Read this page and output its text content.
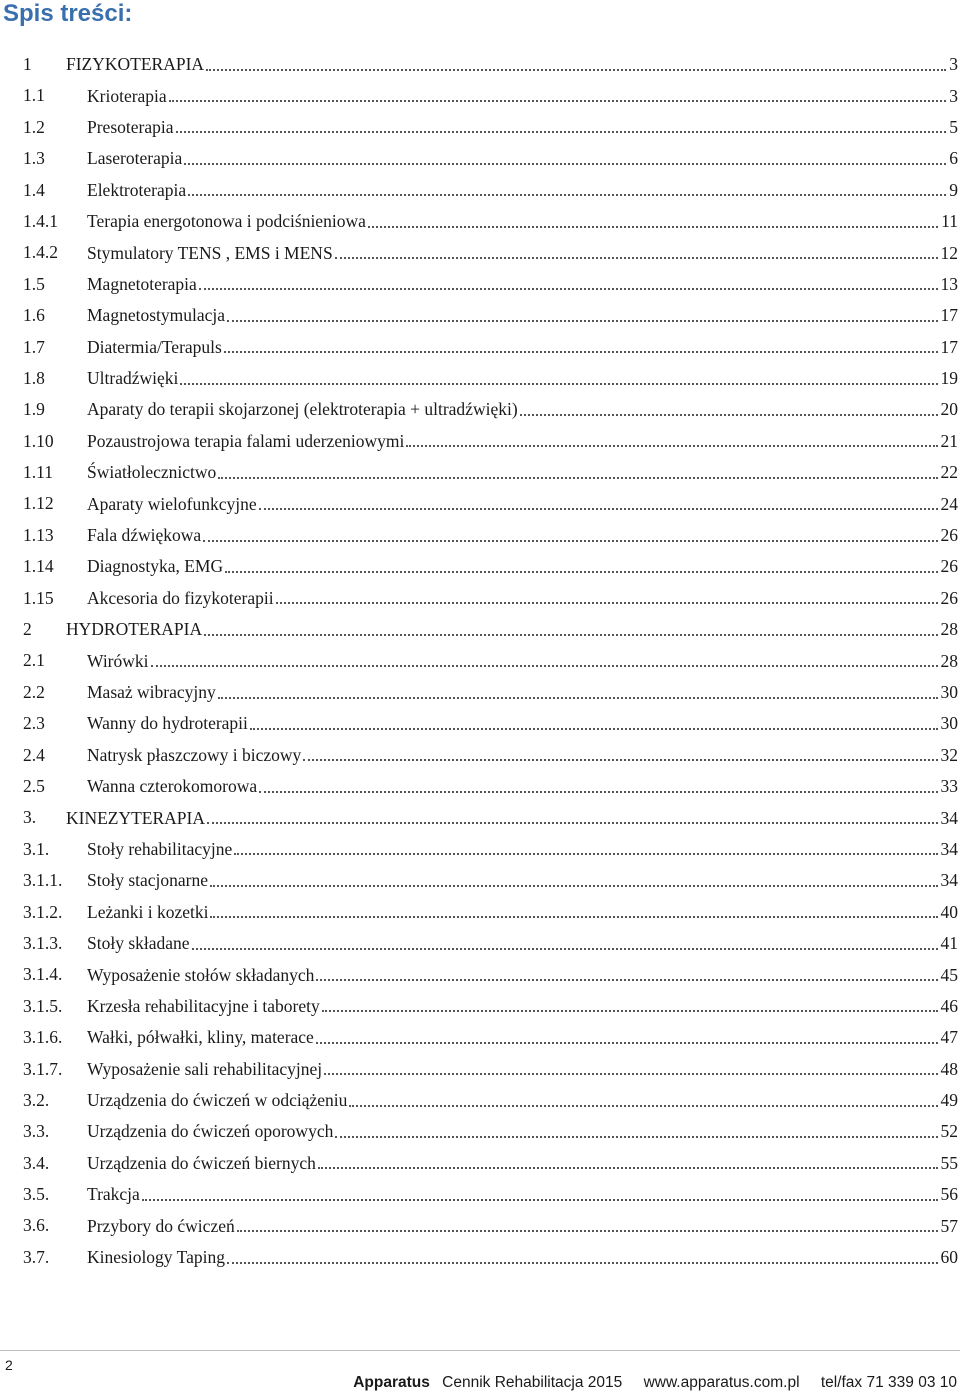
Spis treści:
1 FIZYKOTERAPIA	3
1.1 Krioterapia	3
1.2 Presoterapia	5
1.3 Laseroterapia	6
1.4 Elektroterapia	9
1.4.1 Terapia energotonowa i podciśnieniowa	11
1.4.2 Stymulatory TENS , EMS i MENS	12
1.5 Magnetoterapia	13
1.6 Magnetostymulacja	17
1.7 Diatermia/Terapuls	17
1.8 Ultradźwięki	19
1.9 Aparaty do terapii skojarzonej (elektroterapia + ultradźwięki)	20
1.10 Pozaustrojowa terapia falami uderzeniowymi	21
1.11 Światłolecznictwo	22
1.12 Aparaty wielofunkcyjne	24
1.13 Fala dźwiękowa	26
1.14 Diagnostyka, EMG	26
1.15 Akcesoria do fizykoterapii	26
2 HYDROTERAPIA	28
2.1 Wirówki	28
2.2 Masaż wibracyjny	30
2.3 Wanny do hydroterapii	30
2.4 Natrysk płaszczowy i biczowy	32
2.5 Wanna czterokomorowa	33
3. KINEZYTERAPIA	34
3.1. Stoły rehabilitacyjne	34
3.1.1. Stoły stacjonarne	34
3.1.2. Leżanki i kozetki	40
3.1.3. Stoły składane	41
3.1.4. Wyposażenie stołów składanych	45
3.1.5. Krzesła rehabilitacyjne i taborety	46
3.1.6. Wałki, półwałki, kliny, materace	47
3.1.7. Wyposażenie sali rehabilitacyjnej	48
3.2. Urządzenia do ćwiczeń w odciążeniu	49
3.3. Urządzenia do ćwiczeń oporowych	52
3.4. Urządzenia do ćwiczeń biernych	55
3.5. Trakcja	56
3.6. Przybory do ćwiczeń	57
3.7. Kinesiology Taping	60
2
Apparatus Cennik Rehabilitacja 2015 www.apparatus.com.pl tel/fax 71 339 03 10
